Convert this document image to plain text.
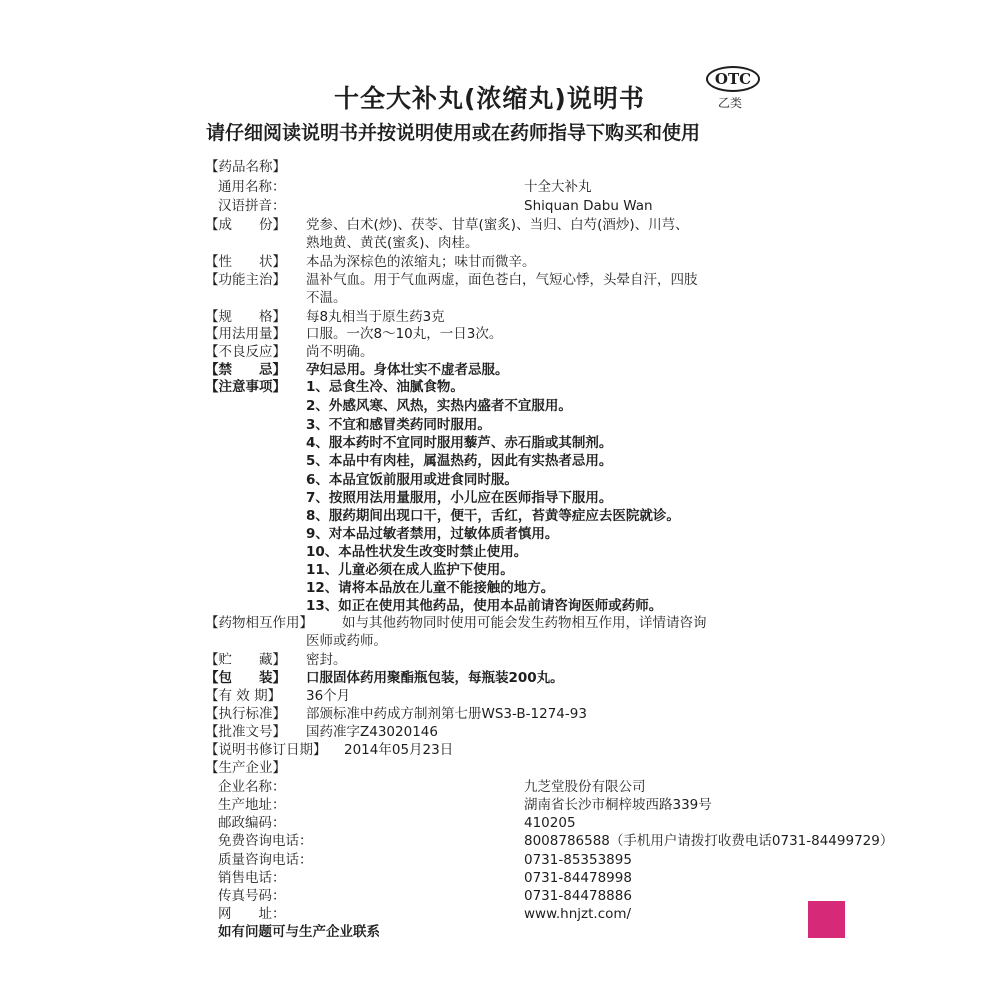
十全大补丸(浓缩丸)说明书
OTC
乙类
请仔细阅读说明书并按说明使用或在药师指导下购买和使用
【药品名称】
通用名称：	十全大补丸
汉语拼音：	Shiquan Dabu Wan
【成　　份】 党参、白术(炒)、茯苓、甘草(蜜炙)、当归、白芍(酒炒)、川芎、
熟地黄、黄芪(蜜炙)、肉桂。
【性　　状】 本品为深棕色的浓缩丸；味甘而微辛。
【功能主治】 温补气血。用于气血两虚，面色苍白，气短心悸，头晕自汗，四肢
不温。
【规　　格】 每8丸相当于原生药3克
【用法用量】 口服。一次8～10丸，一日3次。
【不良反应】 尚不明确。
【禁　　忌】 孕妇忌用。身体壮实不虚者忌服。
【注意事项】 1、忌食生冷、油腻食物。
2、外感风寒、风热，实热内盛者不宜服用。
3、不宜和感冒类药同时服用。
4、服本药时不宜同时服用藜芦、赤石脂或其制剂。
5、本品中有肉桂，属温热药，因此有实热者忌用。
6、本品宜饭前服用或进食同时服。
7、按照用法用量服用，小儿应在医师指导下服用。
8、服药期间出现口干，便干，舌红，苔黄等症应去医院就诊。
9、对本品过敏者禁用，过敏体质者慎用。
10、本品性状发生改变时禁止使用。
11、儿童必须在成人监护下使用。
12、请将本品放在儿童不能接触的地方。
13、如正在使用其他药品，使用本品前请咨询医师或药师。
【药物相互作用】 如与其他药物同时使用可能会发生药物相互作用，详情请咨询
医师或药师。
【贮　　藏】 密封。
【包　　装】 口服固体药用聚酯瓶包装，每瓶装200丸。
【有 效 期】 36个月
【执行标准】 部颁标准中药成方制剂第七册WS3-B-1274-93
【批准文号】 国药准字Z43020146
【说明书修订日期】 2014年05月23日
【生产企业】
企业名称：	九芝堂股份有限公司
生产地址：	湖南省长沙市桐梓坡西路339号
邮政编码：	410205
免费咨询电话：	8008786588（手机用户请拨打收费电话0731-84499729）
质量咨询电话：	0731-85353895
销售电话：	0731-84478998
传真号码：	0731-84478886
网　　址：	www.hnjzt.com/
如有问题可与生产企业联系
